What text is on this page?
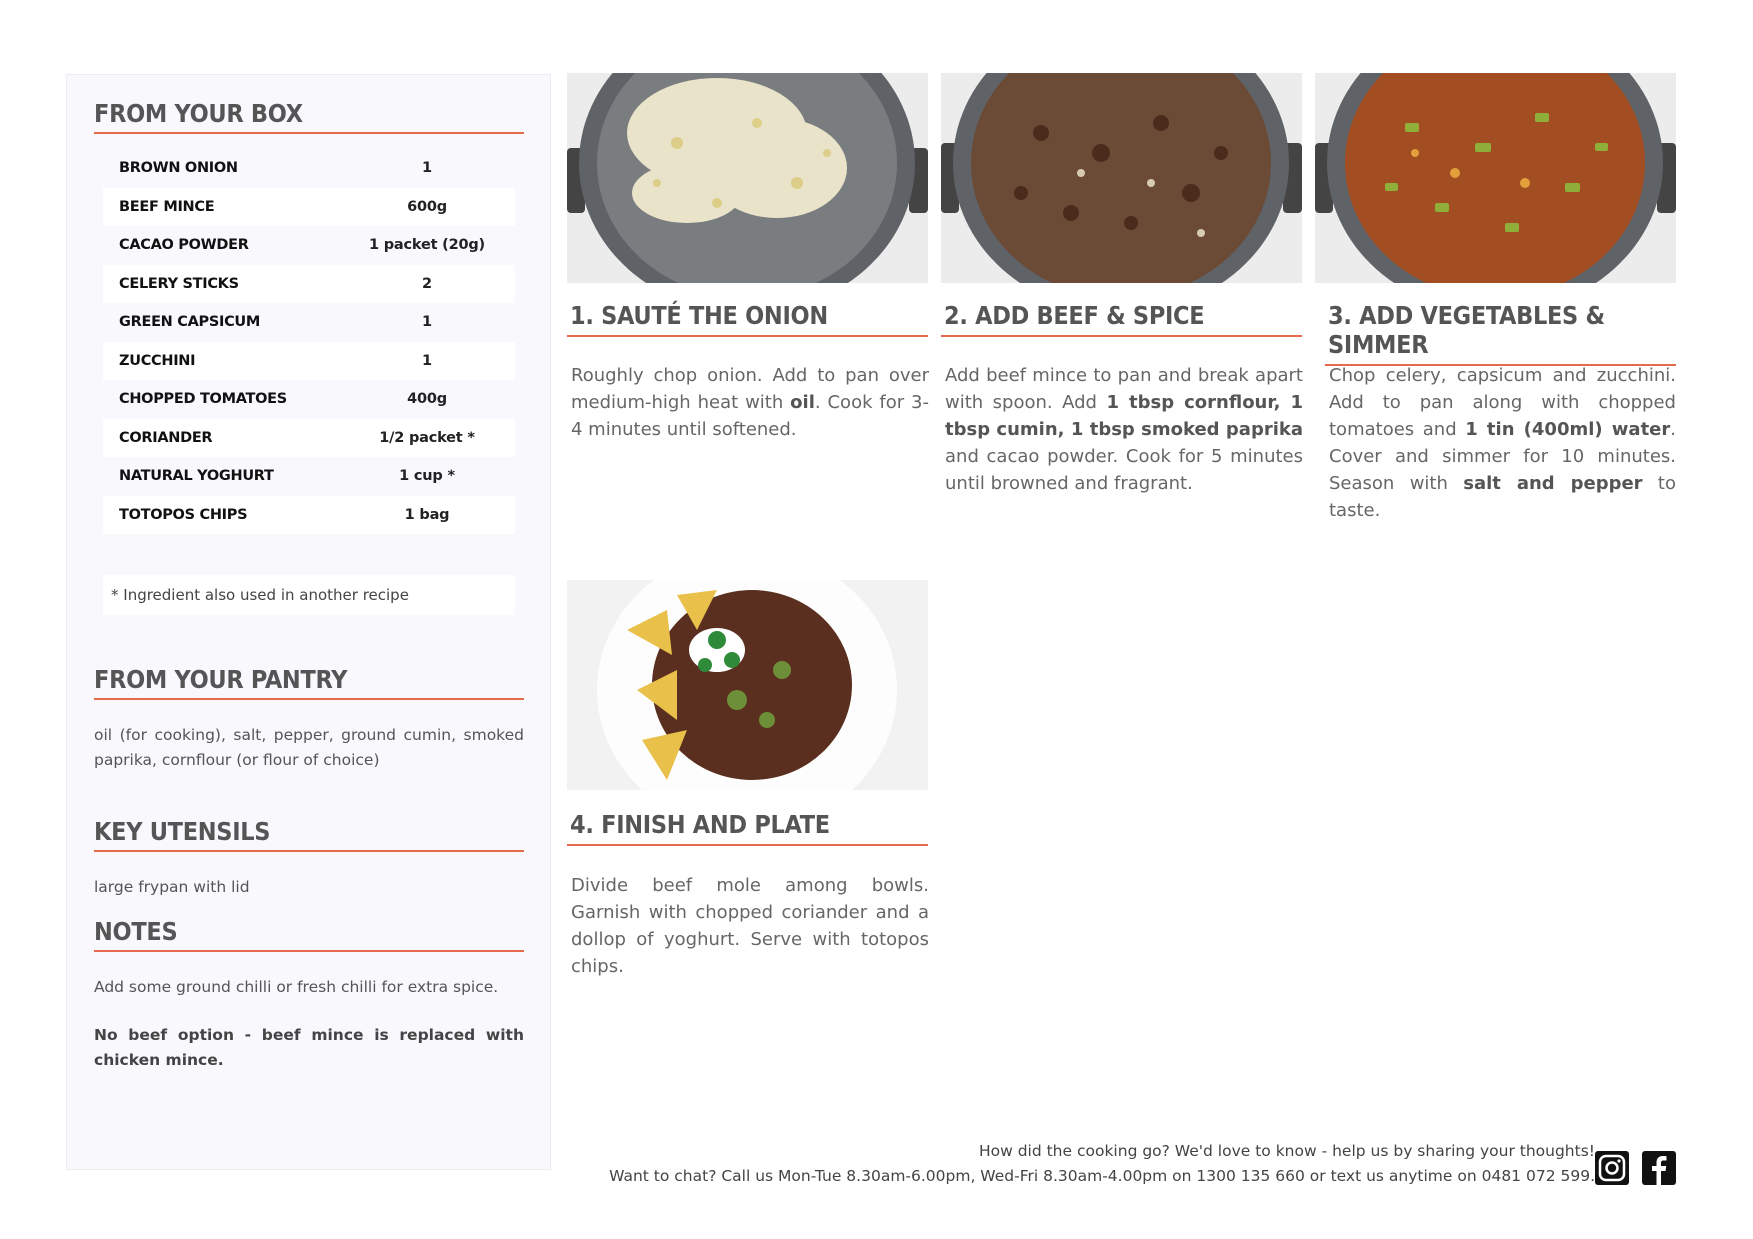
FROM YOUR BOX
BROWN ONION	1
BEEF MINCE	600g
CACAO POWDER	1 packet (20g)
CELERY STICKS	2
GREEN CAPSICUM	1
ZUCCHINI	1
CHOPPED TOMATOES	400g
CORIANDER	1/2 packet *
NATURAL YOGHURT	1 cup *
TOTOPOS CHIPS	1 bag
* Ingredient also used in another recipe
FROM YOUR PANTRY
oil (for cooking), salt, pepper, ground cumin, smoked paprika, cornflour (or flour of choice)
KEY UTENSILS
large frypan with lid
NOTES
Add some ground chilli or fresh chilli for extra spice.
No beef option - beef mince is replaced with chicken mince.
1. SAUTÉ THE ONION	2. ADD BEEF & SPICE	3. ADD VEGETABLES & SIMMER
4. FINISH AND PLATE
Roughly chop onion. Add to pan over medium-high heat with oil. Cook for 3-4 minutes until softened.
Add beef mince to pan and break apart with spoon. Add 1 tbsp cornflour, 1 tbsp cumin, 1 tbsp smoked paprika and cacao powder. Cook for 5 minutes until browned and fragrant.
Chop celery, capsicum and zucchini. Add to pan along with chopped tomatoes and 1 tin (400ml) water. Cover and simmer for 10 minutes. Season with salt and pepper to taste.
Divide beef mole among bowls. Garnish with chopped coriander and a dollop of yoghurt. Serve with totopos chips.
How did the cooking go? We'd love to know - help us by sharing your thoughts!
Want to chat? Call us Mon-Tue 8.30am-6.00pm, Wed-Fri 8.30am-4.00pm on 1300 135 660 or text us anytime on 0481 072 599.
